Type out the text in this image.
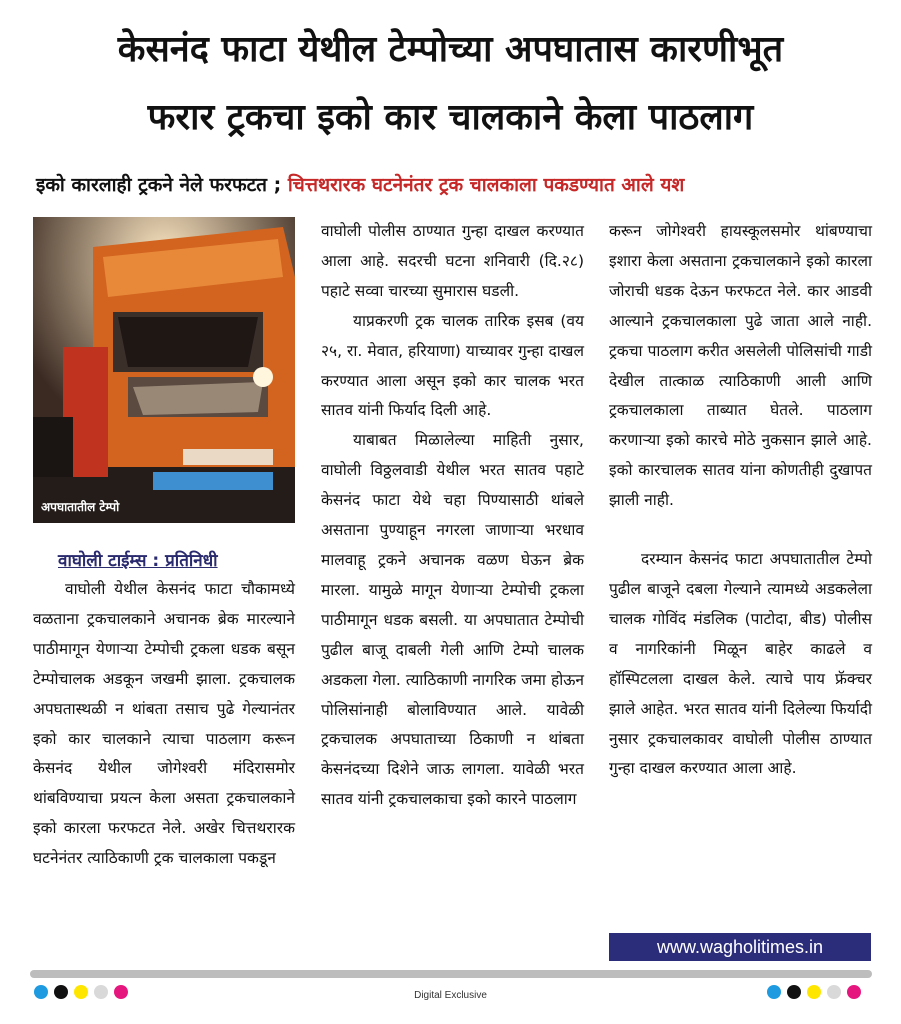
केसनंद फाटा येथील टेम्पोच्या अपघातास कारणीभूत
फरार ट्रकचा इको कार चालकाने केला पाठलाग
इको कारलाही ट्रकने नेले फरफटत ; चित्तथरारक घटनेनंतर ट्रक चालकाला पकडण्यात आले यश
अपघातातील टेम्पो
वाघोली टाईम्स : प्रतिनिधी

वाघोली येथील केसनंद फाटा चौकामध्ये वळताना ट्रकचालकाने अचानक ब्रेक मारल्याने पाठीमागून येणाऱ्या टेम्पोची ट्रकला धडक बसून टेम्पोचालक अडकून जखमी झाला. ट्रकचालक अपघतास्थळी न थांबता तसाच पुढे गेल्यानंतर इको कार चालकाने त्याचा पाठलाग करून केसनंद येथील जोगेश्वरी मंदिरासमोर थांबविण्याचा प्रयत्न केला असता ट्रकचालकाने इको कारला फरफटत नेले. अखेर चित्तथरारक घटनेनंतर त्याठिकाणी ट्रक चालकाला पकडून

वाघोली पोलीस ठाण्यात गुन्हा दाखल करण्यात आला आहे. सदरची घटना शनिवारी (दि.२८) पहाटे सव्वा चारच्या सुमारास घडली.

याप्रकरणी ट्रक चालक तारिक इसब (वय २५, रा. मेवात, हरियाणा) याच्यावर गुन्हा दाखल करण्यात आला असून इको कार चालक भरत सातव यांनी फिर्याद दिली आहे.

याबाबत मिळालेल्या माहिती नुसार, वाघोली विठ्ठलवाडी येथील भरत सातव पहाटे केसनंद फाटा येथे चहा पिण्यासाठी थांबले असताना पुण्याहून नगरला जाणाऱ्या भरधाव मालवाहू ट्रकने अचानक वळण घेऊन ब्रेक मारला. यामुळे मागून येणाऱ्या टेम्पोची ट्रकला पाठीमागून धडक बसली. या अपघातात टेम्पोची पुढील बाजू दाबली गेली आणि टेम्पो चालक अडकला गेला. त्याठिकाणी नागरिक जमा होऊन पोलिसांनाही बोलाविण्यात आले. यावेळी ट्रकचालक अपघाताच्या ठिकाणी न थांबता केसनंदच्या दिशेने जाऊ लागला. यावेळी भरत सातव यांनी ट्रकचालकाचा इको कारने पाठलाग

करून जोगेश्वरी हायस्कूलसमोर थांबण्याचा इशारा केला असताना ट्रकचालकाने इको कारला जोराची धडक देऊन फरफटत नेले. कार आडवी आल्याने ट्रकचालकाला पुढे जाता आले नाही. ट्रकचा पाठलाग करीत असलेली पोलिसांची गाडी देखील तात्काळ त्याठिकाणी आली आणि ट्रकचालकाला ताब्यात घेतले. पाठलाग करणाऱ्या इको कारचे मोठे नुकसान झाले आहे. इको कारचालक सातव यांना कोणतीही दुखापत झाली नाही.

दरम्यान केसनंद फाटा अपघातातील टेम्पो पुढील बाजूने दबला गेल्याने त्यामध्ये अडकलेला चालक गोविंद मंडलिक (पाटोदा, बीड) पोलीस व नागरिकांनी मिळून बाहेर काढले व हॉस्पिटलला दाखल केले. त्याचे पाय फ्रॅक्चर झाले आहेत. भरत सातव यांनी दिलेल्या फिर्यादी नुसार ट्रकचालकावर वाघोली पोलीस ठाण्यात गुन्हा दाखल करण्यात आला आहे.

www.wagholitimes.in
Digital Exclusive
